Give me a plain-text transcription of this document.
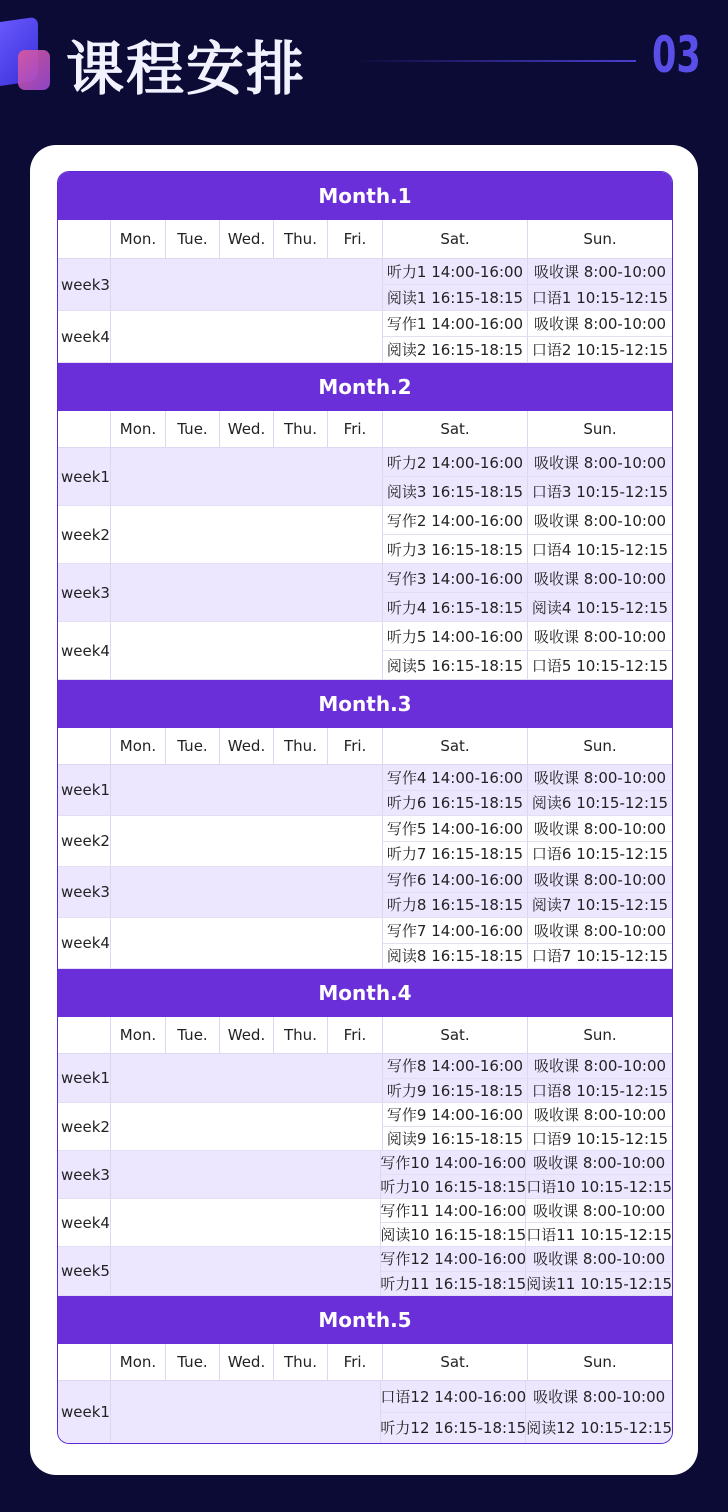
课程安排	03
Month.1
Mon.	Tue.	Wed.	Thu.	Fri.	Sat.	Sun.
week3
听力1 14:00-16:00 吸收课 8:00-10:00
阅读1 16:15-18:15 口语1 10:15-12:15
week4
写作1 14:00-16:00 吸收课 8:00-10:00
阅读2 16:15-18:15 口语2 10:15-12:15
Month.2
Mon.	Tue.	Wed.	Thu.	Fri.	Sat.	Sun.
week1
听力2 14:00-16:00 吸收课 8:00-10:00
阅读3 16:15-18:15 口语3 10:15-12:15
week2
写作2 14:00-16:00 吸收课 8:00-10:00
听力3 16:15-18:15 口语4 10:15-12:15
week3
写作3 14:00-16:00 吸收课 8:00-10:00
听力4 16:15-18:15 阅读4 10:15-12:15
week4
听力5 14:00-16:00 吸收课 8:00-10:00
阅读5 16:15-18:15 口语5 10:15-12:15
Month.3
Mon.	Tue.	Wed.	Thu.	Fri.	Sat.	Sun.
week1
写作4 14:00-16:00 吸收课 8:00-10:00
听力6 16:15-18:15 阅读6 10:15-12:15
week2
写作5 14:00-16:00 吸收课 8:00-10:00
听力7 16:15-18:15 口语6 10:15-12:15
week3
写作6 14:00-16:00 吸收课 8:00-10:00
听力8 16:15-18:15 阅读7 10:15-12:15
week4
写作7 14:00-16:00 吸收课 8:00-10:00
阅读8 16:15-18:15 口语7 10:15-12:15
Month.4
Mon.	Tue.	Wed.	Thu.	Fri.	Sat.	Sun.
week1
写作8 14:00-16:00 吸收课 8:00-10:00
听力9 16:15-18:15 口语8 10:15-12:15
week2
写作9 14:00-16:00 吸收课 8:00-10:00
阅读9 16:15-18:15 口语9 10:15-12:15
week3
写作10 14:00-16:00 吸收课 8:00-10:00
听力10 16:15-18:15 口语10 10:15-12:15
week4
写作11 14:00-16:00 吸收课 8:00-10:00
阅读10 16:15-18:15 口语11 10:15-12:15
week5
写作12 14:00-16:00 吸收课 8:00-10:00
听力11 16:15-18:15 阅读11 10:15-12:15
Month.5
Mon.	Tue.	Wed.	Thu.	Fri.	Sat.	Sun.
week1
口语12 14:00-16:00 吸收课 8:00-10:00
听力12 16:15-18:15 阅读12 10:15-12:15
